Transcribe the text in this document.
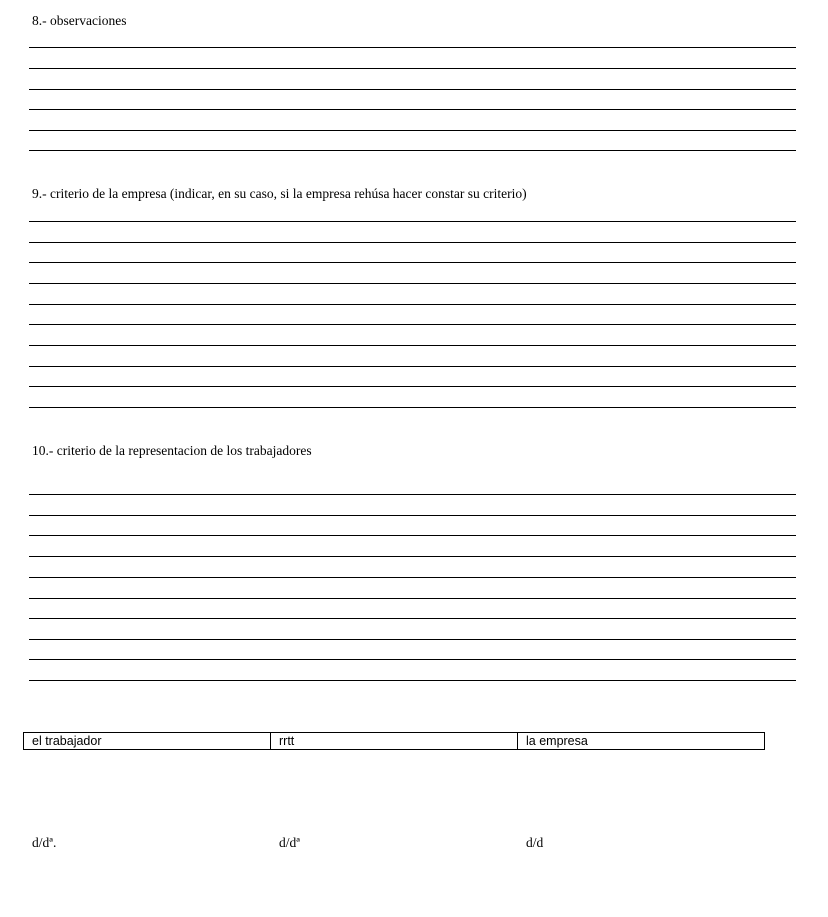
8.- observaciones
9.- criterio de la empresa (indicar, en su caso, si la empresa rehúsa hacer constar su criterio)
10.- criterio de la representacion de los trabajadores
el trabajador	rrtt	la empresa
d/dª.	d/dª	d/d
